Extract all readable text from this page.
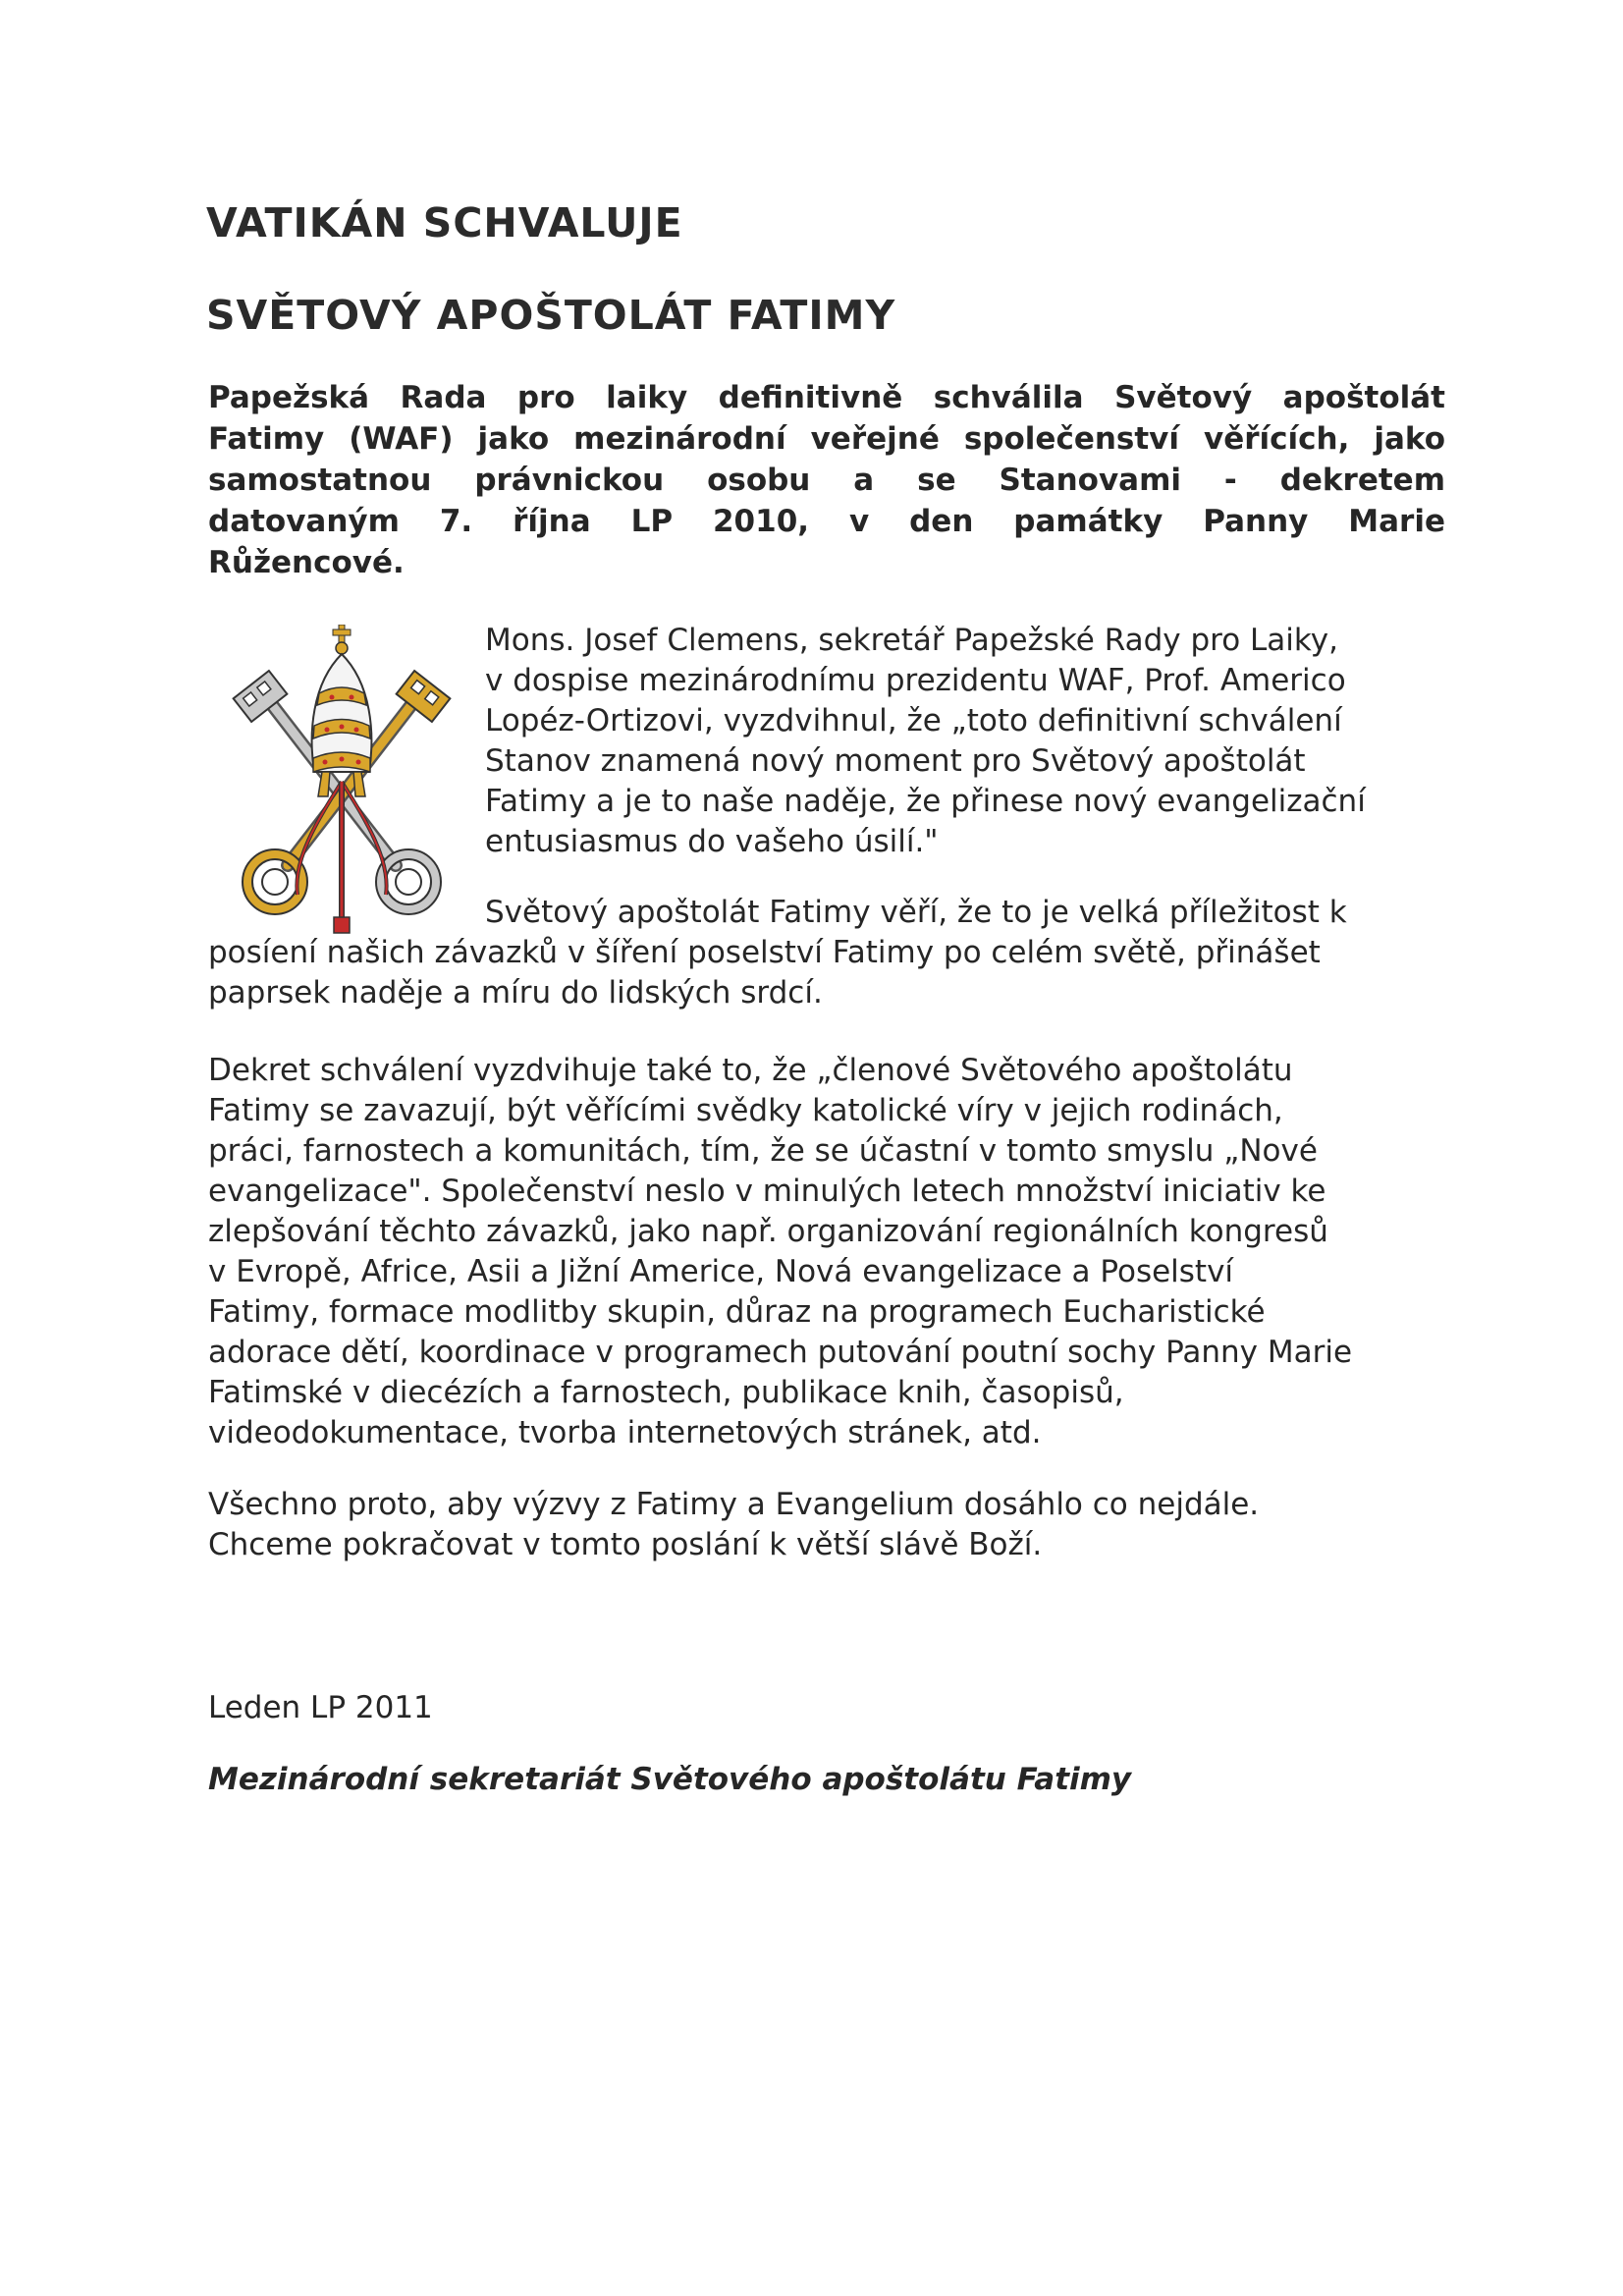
VATIKÁN SCHVALUJE
SVĚTOVÝ APOŠTOLÁT FATIMY
Papežská Rada pro laiky definitivně schválila Světový apoštolát
Fatimy (WAF) jako mezinárodní veřejné společenství věřících, jako
samostatnou právnickou osobu a se Stanovami - dekretem
datovaným 7. října LP 2010, v den památky Panny Marie
Růžencové.
Mons. Josef Clemens, sekretář Papežské Rady pro Laiky,
v dospise mezinárodnímu prezidentu WAF, Prof. Americo
Lopéz-Ortizovi, vyzdvihnul, že „toto definitivní schválení
Stanov znamená nový moment pro Světový apoštolát
Fatimy a je to naše naděje, že přinese nový evangelizační
entusiasmus do vašeho úsilí."
Světový apoštolát Fatimy věří, že to je velká příležitost k
posíení našich závazků v šíření poselství Fatimy po celém světě, přinášet
paprsek naděje a míru do lidských srdcí.
Dekret schválení vyzdvihuje také to, že „členové Světového apoštolátu
Fatimy se zavazují, být věřícími svědky katolické víry v jejich rodinách,
práci, farnostech a komunitách, tím, že se účastní v tomto smyslu „Nové
evangelizace". Společenství neslo v minulých letech množství iniciativ ke
zlepšování těchto závazků, jako např. organizování regionálních kongresů
v Evropě, Africe, Asii a Jižní Americe, Nová evangelizace a Poselství
Fatimy, formace modlitby skupin, důraz na programech Eucharistické
adorace dětí, koordinace v programech putování poutní sochy Panny Marie
Fatimské v diecézích a farnostech, publikace knih, časopisů,
videodokumentace, tvorba internetových stránek, atd.
Všechno proto, aby výzvy z Fatimy a Evangelium dosáhlo co nejdále.
Chceme pokračovat v tomto poslání k větší slávě Boží.
Leden LP 2011
Mezinárodní sekretariát Světového apoštolátu Fatimy
